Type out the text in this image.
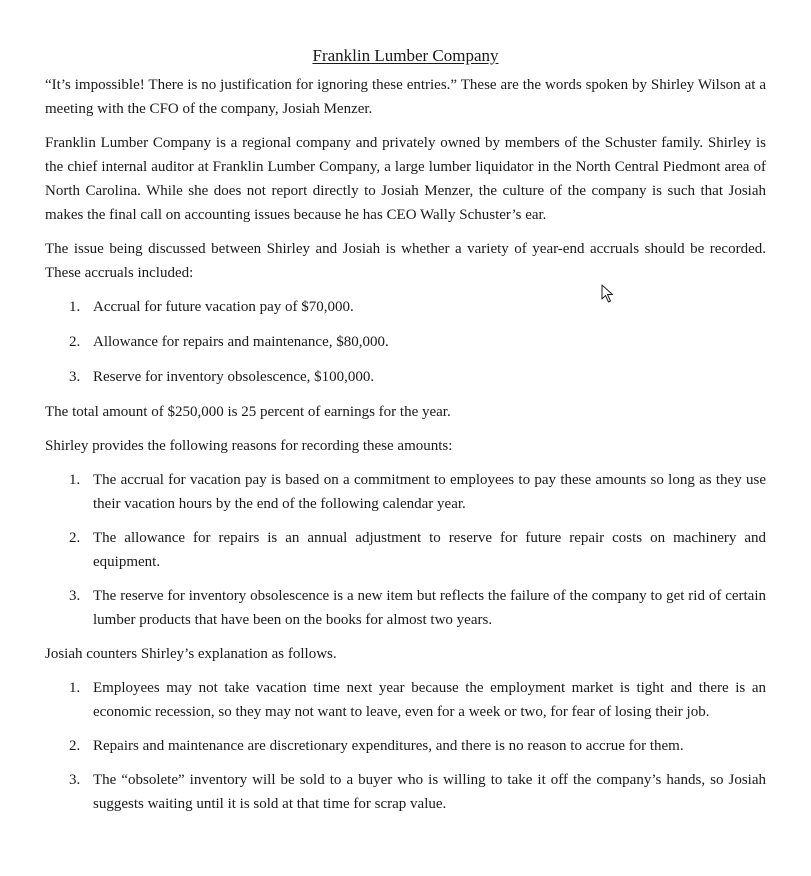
Franklin Lumber Company

“It’s impossible! There is no justification for ignoring these entries.” These are the words spoken by Shirley Wilson at a meeting with the CFO of the company, Josiah Menzer.

Franklin Lumber Company is a regional company and privately owned by members of the Schuster family. Shirley is the chief internal auditor at Franklin Lumber Company, a large lumber liquidator in the North Central Piedmont area of North Carolina. While she does not report directly to Josiah Menzer, the culture of the company is such that Josiah makes the final call on accounting issues because he has CEO Wally Schuster’s ear.

The issue being discussed between Shirley and Josiah is whether a variety of year-end accruals should be recorded. These accruals included:

1. Accrual for future vacation pay of $70,000.
2. Allowance for repairs and maintenance, $80,000.
3. Reserve for inventory obsolescence, $100,000.

The total amount of $250,000 is 25 percent of earnings for the year.

Shirley provides the following reasons for recording these amounts:

1. The accrual for vacation pay is based on a commitment to employees to pay these amounts so long as they use their vacation hours by the end of the following calendar year.
2. The allowance for repairs is an annual adjustment to reserve for future repair costs on machinery and equipment.
3. The reserve for inventory obsolescence is a new item but reflects the failure of the company to get rid of certain lumber products that have been on the books for almost two years.

Josiah counters Shirley’s explanation as follows.

1. Employees may not take vacation time next year because the employment market is tight and there is an economic recession, so they may not want to leave, even for a week or two, for fear of losing their job.
2. Repairs and maintenance are discretionary expenditures, and there is no reason to accrue for them.
3. The “obsolete” inventory will be sold to a buyer who is willing to take it off the company’s hands, so Josiah suggests waiting until it is sold at that time for scrap value.
